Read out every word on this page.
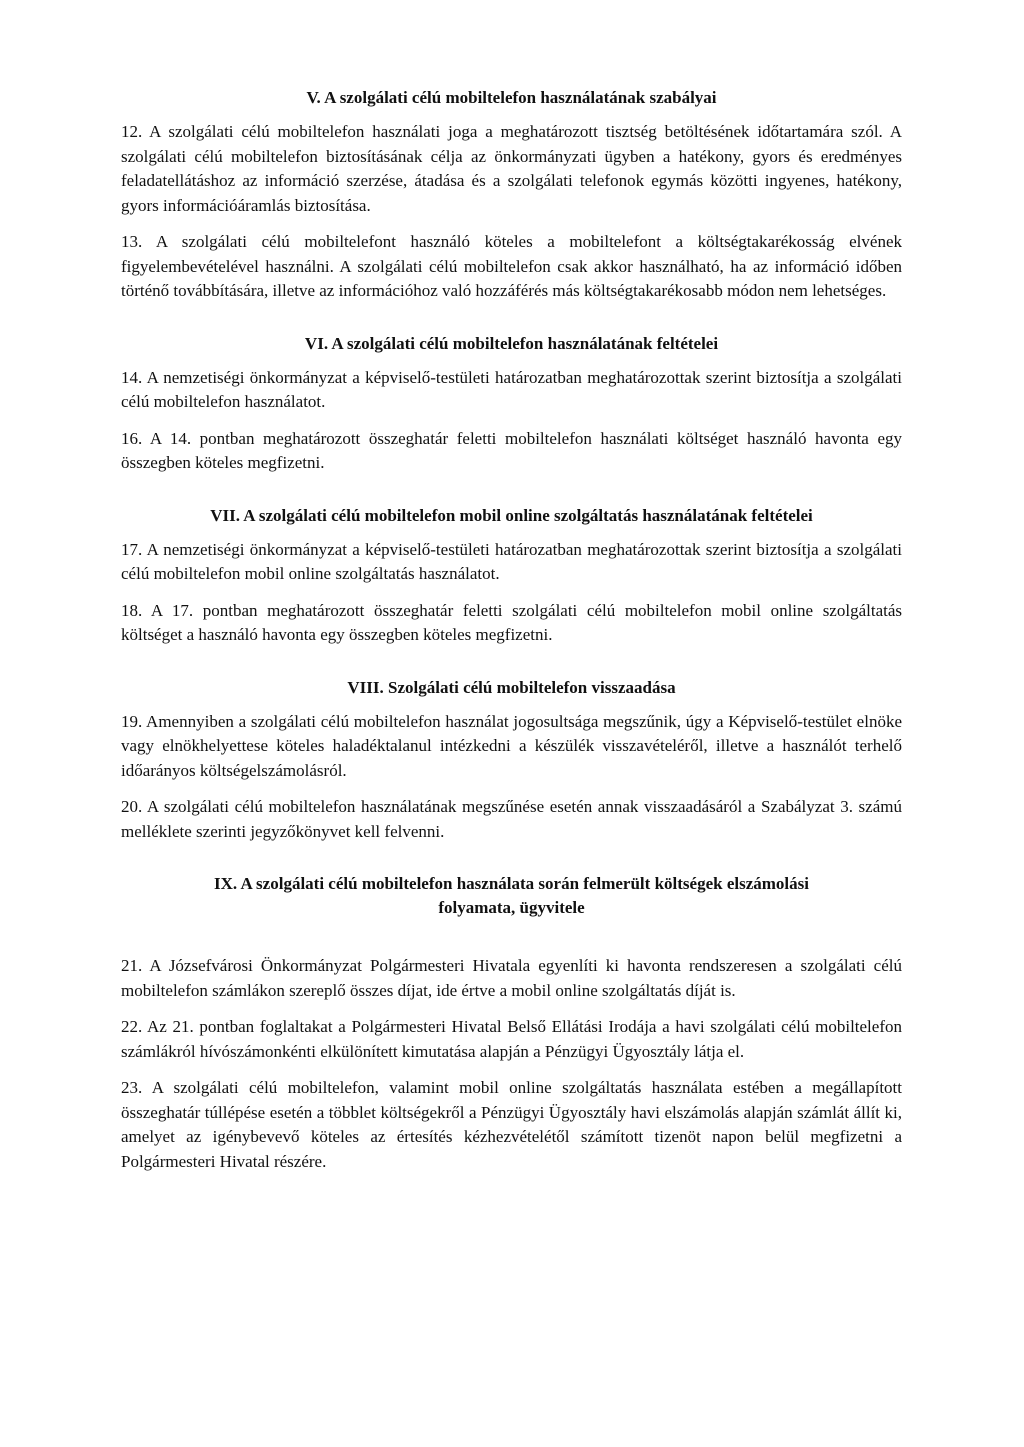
V. A szolgálati célú mobiltelefon használatának szabályai

12. A szolgálati célú mobiltelefon használati joga a meghatározott tisztség betöltésének időtartamára szól. A szolgálati célú mobiltelefon biztosításának célja az önkormányzati ügyben a hatékony, gyors és eredményes feladatellátáshoz az információ szerzése, átadása és a szolgálati telefonok egymás közötti ingyenes, hatékony, gyors információáramlás biztosítása.

13. A szolgálati célú mobiltelefont használó köteles a mobiltelefont a költségtakarékosság elvének figyelembevételével használni. A szolgálati célú mobiltelefon csak akkor használható, ha az információ időben történő továbbítására, illetve az információhoz való hozzáférés más költségtakarékosabb módon nem lehetséges.

VI. A szolgálati célú mobiltelefon használatának feltételei

14. A nemzetiségi önkormányzat a képviselő-testületi határozatban meghatározottak szerint biztosítja a szolgálati célú mobiltelefon használatot.

16. A 14. pontban meghatározott összeghatár feletti mobiltelefon használati költséget használó havonta egy összegben köteles megfizetni.

VII. A szolgálati célú mobiltelefon mobil online szolgáltatás használatának feltételei

17. A nemzetiségi önkormányzat a képviselő-testületi határozatban meghatározottak szerint biztosítja a szolgálati célú mobiltelefon mobil online szolgáltatás használatot.

18. A 17. pontban meghatározott összeghatár feletti szolgálati célú mobiltelefon mobil online szolgáltatás költséget a használó havonta egy összegben köteles megfizetni.

VIII. Szolgálati célú mobiltelefon visszaadása

19. Amennyiben a szolgálati célú mobiltelefon használat jogosultsága megszűnik, úgy a Képviselő-testület elnöke vagy elnökhelyettese köteles haladéktalanul intézkedni a készülék visszavételéről, illetve a használót terhelő időarányos költségelszámolásról.

20. A szolgálati célú mobiltelefon használatának megszűnése esetén annak visszaadásáról a Szabályzat 3. számú melléklete szerinti jegyzőkönyvet kell felvenni.

IX. A szolgálati célú mobiltelefon használata során felmerült költségek elszámolási
folyamata, ügyvitele

21. A Józsefvárosi Önkormányzat Polgármesteri Hivatala egyenlíti ki havonta rendszeresen a szolgálati célú mobiltelefon számlákon szereplő összes díjat, ide értve a mobil online szolgáltatás díját is.

22. Az 21. pontban foglaltakat a Polgármesteri Hivatal Belső Ellátási Irodája a havi szolgálati célú mobiltelefon számlákról hívószámonkénti elkülönített kimutatása alapján a Pénzügyi Ügyosztály látja el.

23. A szolgálati célú mobiltelefon, valamint mobil online szolgáltatás használata estében a megállapított összeghatár túllépése esetén a többlet költségekről a Pénzügyi Ügyosztály havi elszámolás alapján számlát állít ki, amelyet az igénybevevő köteles az értesítés kézhezvételétől számított tizenöt napon belül megfizetni a Polgármesteri Hivatal részére.
